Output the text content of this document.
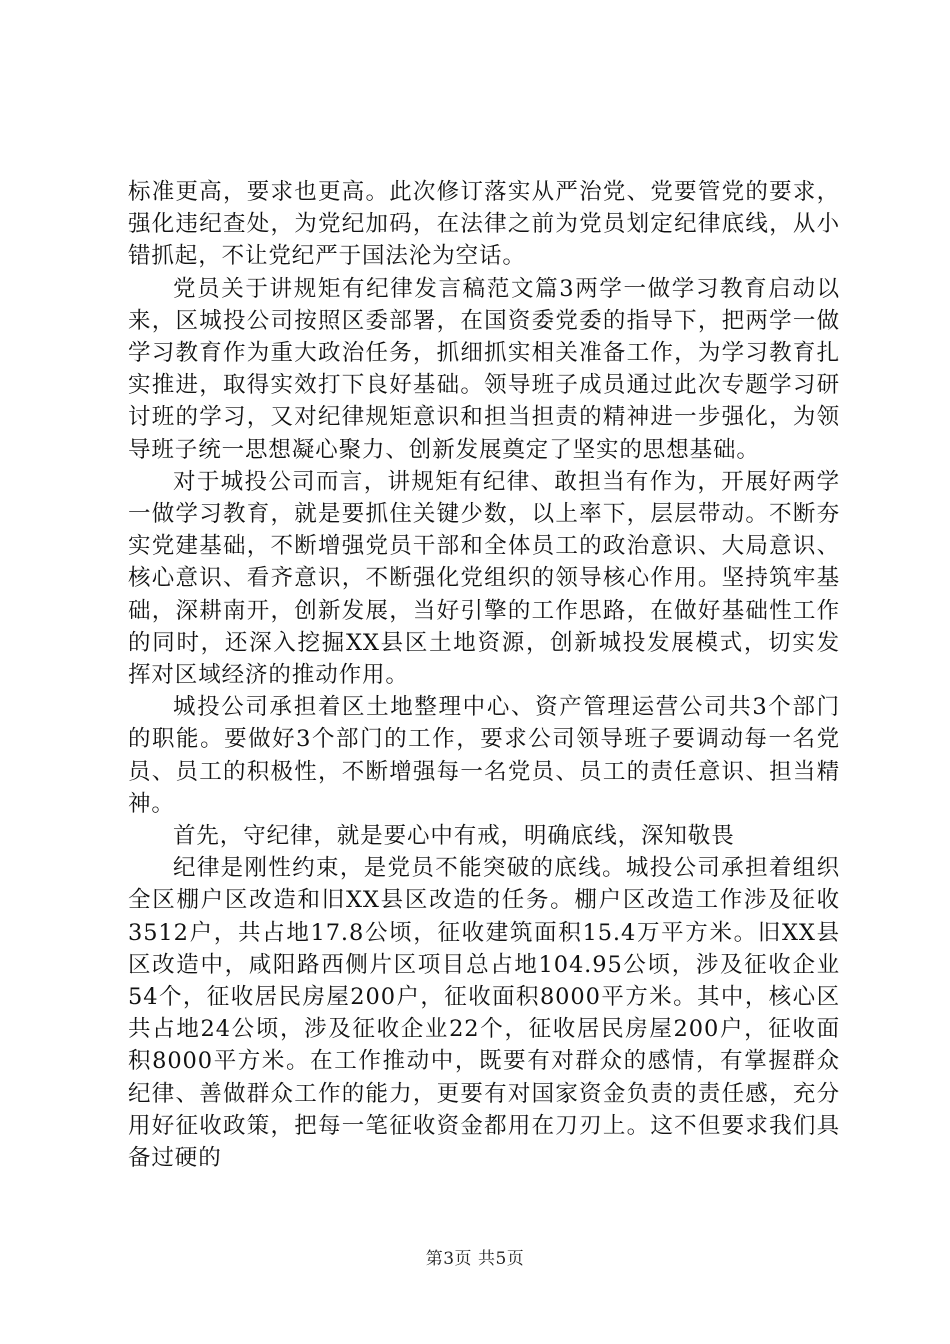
标准更高，要求也更高。此次修订落实从严治党、党要管党的要求，强化违纪查处，为党纪加码，在法律之前为党员划定纪律底线，从小错抓起，不让党纪严于国法沦为空话。

党员关于讲规矩有纪律发言稿范文篇3两学一做学习教育启动以来，区城投公司按照区委部署，在国资委党委的指导下，把两学一做学习教育作为重大政治任务，抓细抓实相关准备工作，为学习教育扎实推进，取得实效打下良好基础。领导班子成员通过此次专题学习研讨班的学习，又对纪律规矩意识和担当担责的精神进一步强化，为领导班子统一思想凝心聚力、创新发展奠定了坚实的思想基础。

对于城投公司而言，讲规矩有纪律、敢担当有作为，开展好两学一做学习教育，就是要抓住关键少数，以上率下，层层带动。不断夯实党建基础，不断增强党员干部和全体员工的政治意识、大局意识、核心意识、看齐意识，不断强化党组织的领导核心作用。坚持筑牢基础，深耕南开，创新发展，当好引擎的工作思路，在做好基础性工作的同时，还深入挖掘XX县区土地资源，创新城投发展模式，切实发挥对区域经济的推动作用。

城投公司承担着区土地整理中心、资产管理运营公司共3个部门的职能。要做好3个部门的工作，要求公司领导班子要调动每一名党员、员工的积极性，不断增强每一名党员、员工的责任意识、担当精神。

首先，守纪律，就是要心中有戒，明确底线，深知敬畏

纪律是刚性约束，是党员不能突破的底线。城投公司承担着组织全区棚户区改造和旧XX县区改造的任务。棚户区改造工作涉及征收3512户，共占地17.8公顷，征收建筑面积15.4万平方米。旧XX县区改造中，咸阳路西侧片区项目总占地104.95公顷，涉及征收企业54个，征收居民房屋200户，征收面积8000平方米。其中，核心区共占地24公顷，涉及征收企业22个，征收居民房屋200户，征收面积8000平方米。在工作推动中，既要有对群众的感情，有掌握群众纪律、善做群众工作的能力，更要有对国家资金负责的责任感，充分用好征收政策，把每一笔征收资金都用在刀刃上。这不但要求我们具备过硬的

第3页 共5页
